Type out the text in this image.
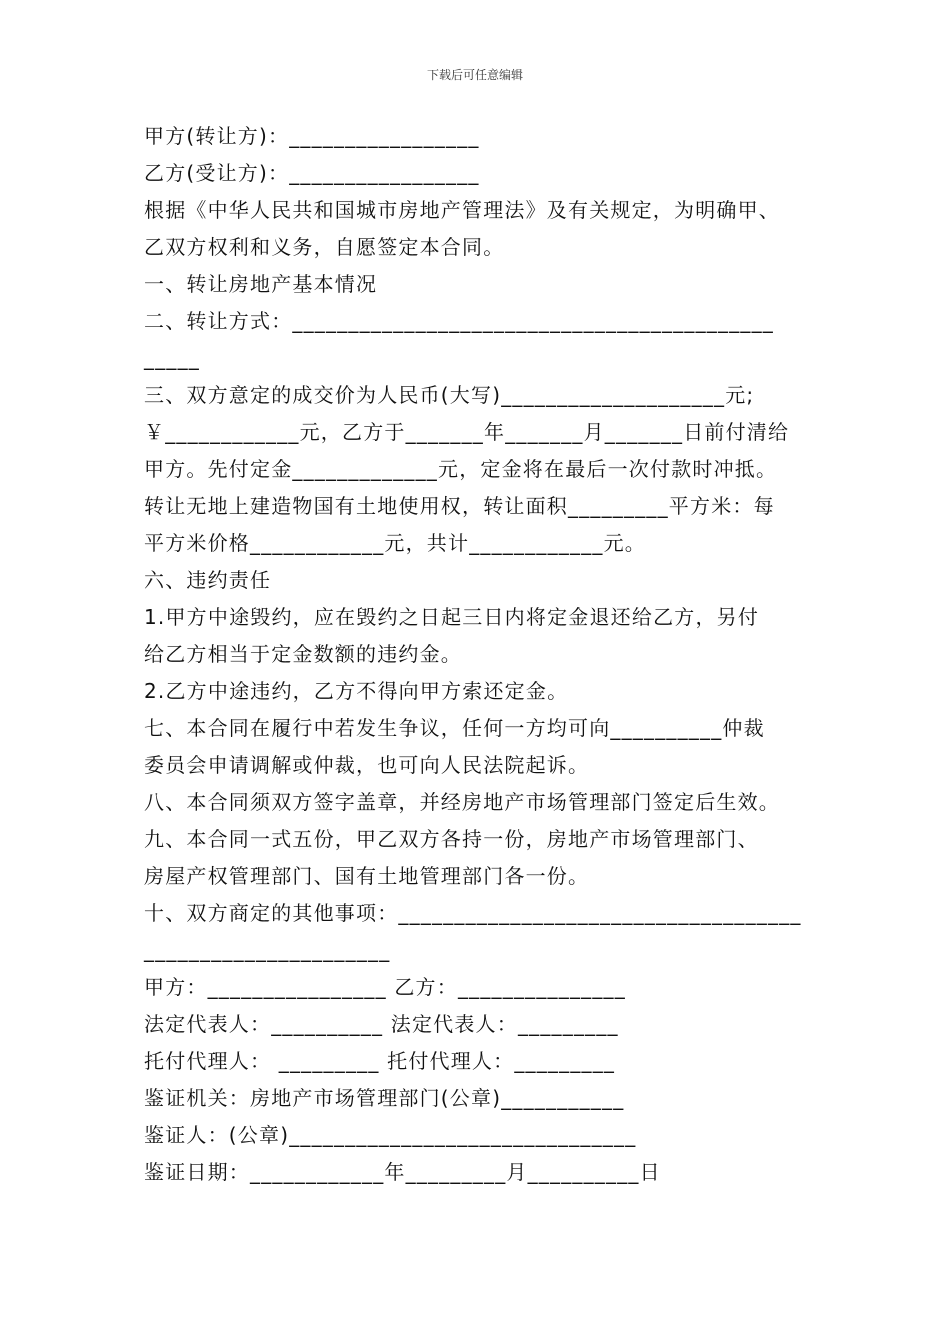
下载后可任意编辑
甲方(转让方)：_________________
乙方(受让方)：_________________
根据《中华人民共和国城市房地产管理法》及有关规定，为明确甲、
乙双方权利和义务，自愿签定本合同。
一、转让房地产基本情况
二、转让方式：___________________________________________
_____
三、双方意定的成交价为人民币(大写)____________________元;
￥____________元，乙方于_______年_______月_______日前付清给
甲方。先付定金_____________元，定金将在最后一次付款时冲抵。
转让无地上建造物国有土地使用权，转让面积_________平方米：每
平方米价格____________元，共计____________元。
六、违约责任
1.甲方中途毁约，应在毁约之日起三日内将定金退还给乙方，另付
给乙方相当于定金数额的违约金。
2.乙方中途违约，乙方不得向甲方索还定金。
七、本合同在履行中若发生争议，任何一方均可向__________仲裁
委员会申请调解或仲裁，也可向人民法院起诉。
八、本合同须双方签字盖章，并经房地产市场管理部门签定后生效。
九、本合同一式五份，甲乙双方各持一份，房地产市场管理部门、
房屋产权管理部门、国有土地管理部门各一份。
十、双方商定的其他事项：____________________________________
______________________
甲方：________________ 乙方：_______________
法定代表人：__________ 法定代表人：_________
托付代理人： _________ 托付代理人：_________
鉴证机关：房地产市场管理部门(公章)___________
鉴证人：(公章)_______________________________
鉴证日期：____________年_________月__________日
